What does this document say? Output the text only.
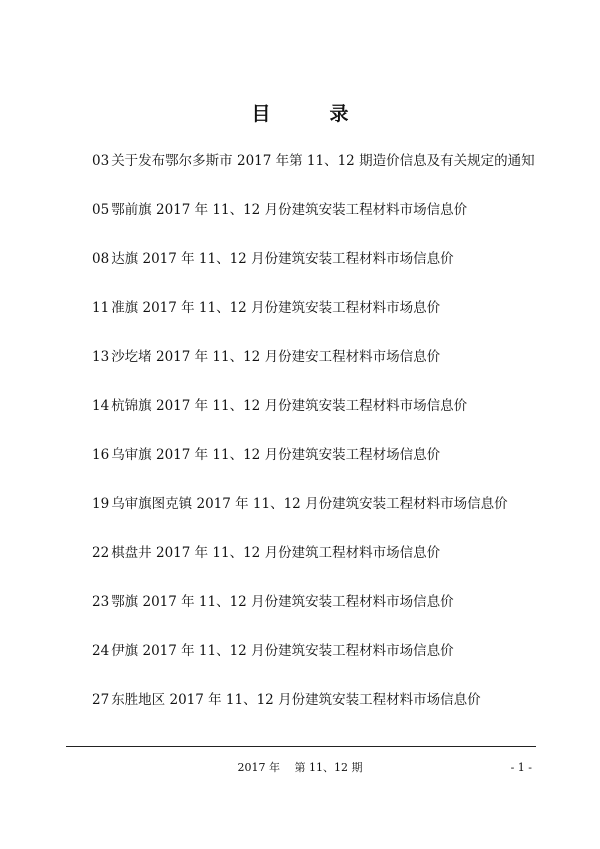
目　录
03 关于发布鄂尔多斯市 2017 年第 11、12 期造价信息及有关规定的通知
05 鄂前旗 2017 年 11、12 月份建筑安装工程材料市场信息价
08 达旗 2017 年 11、12 月份建筑安装工程材料市场信息价
11 准旗 2017 年 11、12 月份建筑安装工程材料市场息价
13 沙圪堵 2017 年 11、12 月份建安工程材料市场信息价
14 杭锦旗 2017 年 11、12 月份建筑安装工程材料市场信息价
16 乌审旗 2017 年 11、12 月份建筑安装工程材场信息价
19 乌审旗图克镇 2017 年 11、12 月份建筑安装工程材料市场信息价
22 棋盘井 2017 年 11、12 月份建筑工程材料市场信息价
23 鄂旗 2017 年 11、12 月份建筑安装工程材料市场信息价
24 伊旗 2017 年 11、12 月份建筑安装工程材料市场信息价
27 东胜地区 2017 年 11、12 月份建筑安装工程材料市场信息价
2017 年　 第 11、12 期	- 1 -
